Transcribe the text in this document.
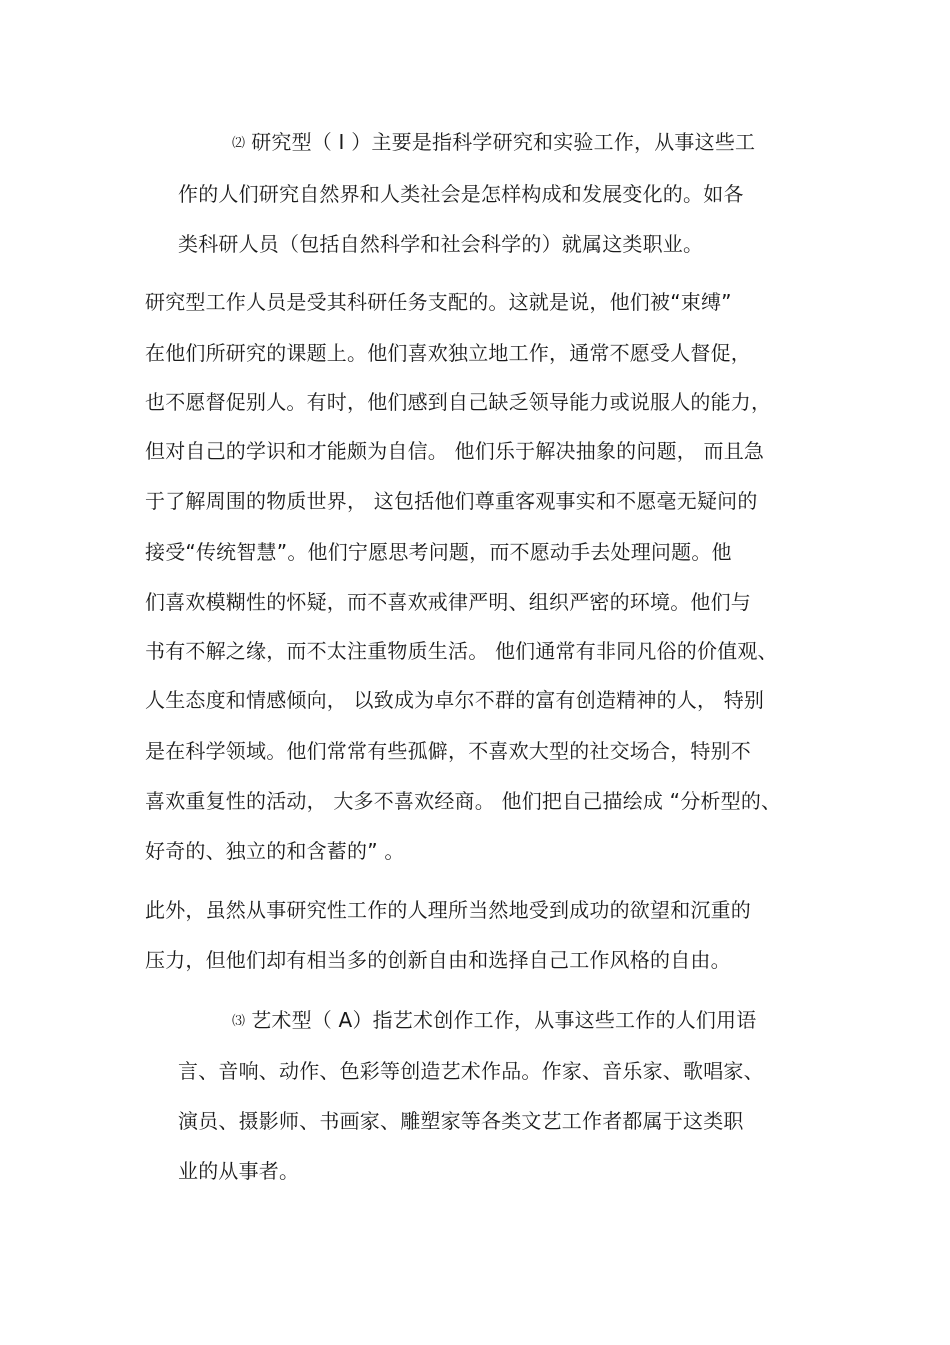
⑵ 研究型（ I ）主要是指科学研究和实验工作，从事这些工
作的人们研究自然界和人类社会是怎样构成和发展变化的。如各
类科研人员（包括自然科学和社会科学的）就属这类职业。
研究型工作人员是受其科研任务支配的。这就是说，他们被“束缚”
在他们所研究的课题上。他们喜欢独立地工作，通常不愿受人督促，
也不愿督促别人。有时，他们感到自己缺乏领导能力或说服人的能力，
但对自己的学识和才能颇为自信。 他们乐于解决抽象的问题， 而且急
于了解周围的物质世界， 这包括他们尊重客观事实和不愿毫无疑问的
接受“传统智慧”。他们宁愿思考问题，而不愿动手去处理问题。他
们喜欢模糊性的怀疑，而不喜欢戒律严明、组织严密的环境。他们与
书有不解之缘，而不太注重物质生活。 他们通常有非同凡俗的价值观、
人生态度和情感倾向， 以致成为卓尔不群的富有创造精神的人， 特别
是在科学领域。他们常常有些孤僻，不喜欢大型的社交场合，特别不
喜欢重复性的活动， 大多不喜欢经商。 他们把自己描绘成 “分析型的、
好奇的、独立的和含蓄的” 。
此外，虽然从事研究性工作的人理所当然地受到成功的欲望和沉重的
压力，但他们却有相当多的创新自由和选择自己工作风格的自由。
⑶ 艺术型（ A）指艺术创作工作，从事这些工作的人们用语
言、音响、动作、色彩等创造艺术作品。作家、音乐家、歌唱家、
演员、摄影师、书画家、雕塑家等各类文艺工作者都属于这类职
业的从事者。
